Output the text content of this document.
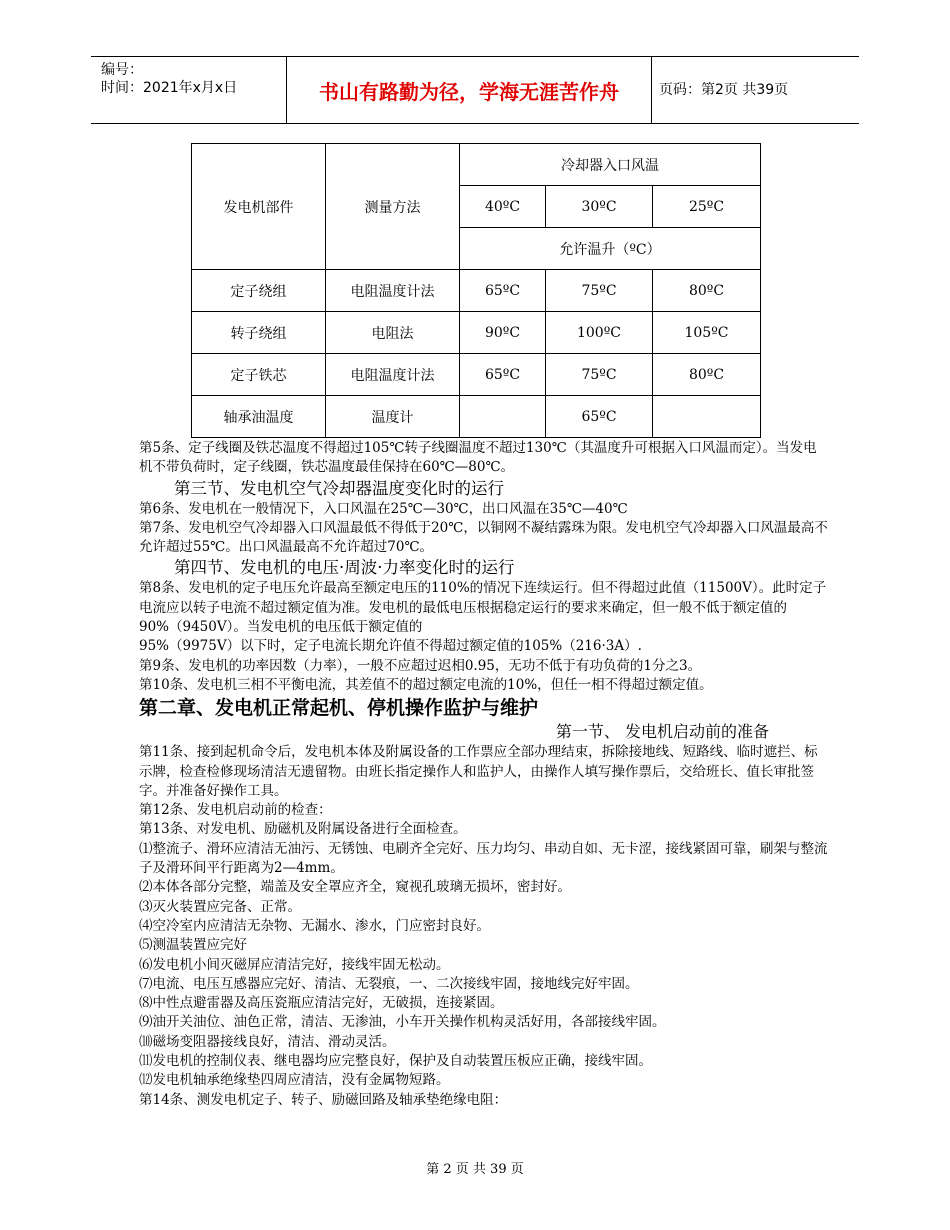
编号：
时间：2021年x月x日	书山有路勤为径，学海无涯苦作舟	页码：第2页 共39页
发电机部件	测量方法	冷却器入口风温		
		40ºC	30ºC	25ºC
		允许温升（ºC）		
定子绕组	电阻温度计法	65ºC	75ºC	80ºC
转子绕组	电阻法	90ºC	100ºC	105ºC
定子铁芯	电阻温度计法	65ºC	75ºC	80ºC
轴承油温度	温度计		65ºC	

第5条、定子线圈及铁芯温度不得超过105℃转子线圈温度不超过130℃（其温度升可根据入口风温而定）。当发电机不带负荷时，定子线圈，铁芯温度最佳保持在60℃—80℃。

第三节、发电机空气冷却器温度变化时的运行

第6条、发电机在一般情况下，入口风温在25℃—30℃，出口风温在35℃—40℃

第7条、发电机空气冷却器入口风温最低不得低于20℃，以铜网不凝结露珠为限。发电机空气冷却器入口风温最高不允许超过55℃。出口风温最高不允许超过70℃。

第四节、发电机的电压·周波·力率变化时的运行

第8条、发电机的定子电压允许最高至额定电压的110%的情况下连续运行。但不得超过此值（11500V）。此时定子电流应以转子电流不超过额定值为准。发电机的最低电压根据稳定运行的要求来确定，但一般不低于额定值的90%（9450V）。当发电机的电压低于额定值的

95%（9975V）以下时，定子电流长期允许值不得超过额定值的105%（216·3A）.

第9条、发电机的功率因数（力率），一般不应超过迟相0.95，无功不低于有功负荷的1分之3。

第10条、发电机三相不平衡电流，其差值不的超过额定电流的10%，但任一相不得超过额定值。

第二章、发电机正常起机、停机操作监护与维护

第一节、 发电机启动前的准备

第11条、接到起机命令后，发电机本体及附属设备的工作票应全部办理结束，拆除接地线、短路线、临时遮拦、标示牌，检查检修现场清洁无遗留物。由班长指定操作人和监护人，由操作人填写操作票后，交给班长、值长审批签字。并准备好操作工具。

第12条、发电机启动前的检查：

第13条、对发电机、励磁机及附属设备进行全面检查。

⑴整流子、滑环应清洁无油污、无锈蚀、电刷齐全完好、压力均匀、串动自如、无卡涩，接线紧固可靠，刷架与整流子及滑环间平行距离为2—4mm。

⑵本体各部分完整，端盖及安全罩应齐全，窥视孔玻璃无损坏，密封好。

⑶灭火装置应完备、正常。

⑷空冷室内应清洁无杂物、无漏水、渗水，门应密封良好。

⑸测温装置应完好

⑹发电机小间灭磁屏应清洁完好，接线牢固无松动。

⑺电流、电压互感器应完好、清洁、无裂痕，一、二次接线牢固，接地线完好牢固。

⑻中性点避雷器及高压瓷瓶应清洁完好，无破损，连接紧固。

⑼油开关油位、油色正常，清洁、无渗油，小车开关操作机构灵活好用，各部接线牢固。

⑽磁场变阻器接线良好，清洁、滑动灵活。

⑾发电机的控制仪表、继电器均应完整良好，保护及自动装置压板应正确，接线牢固。

⑿发电机轴承绝缘垫四周应清洁，没有金属物短路。

第14条、测发电机定子、转子、励磁回路及轴承垫绝缘电阻：

第 2 页 共 39 页
